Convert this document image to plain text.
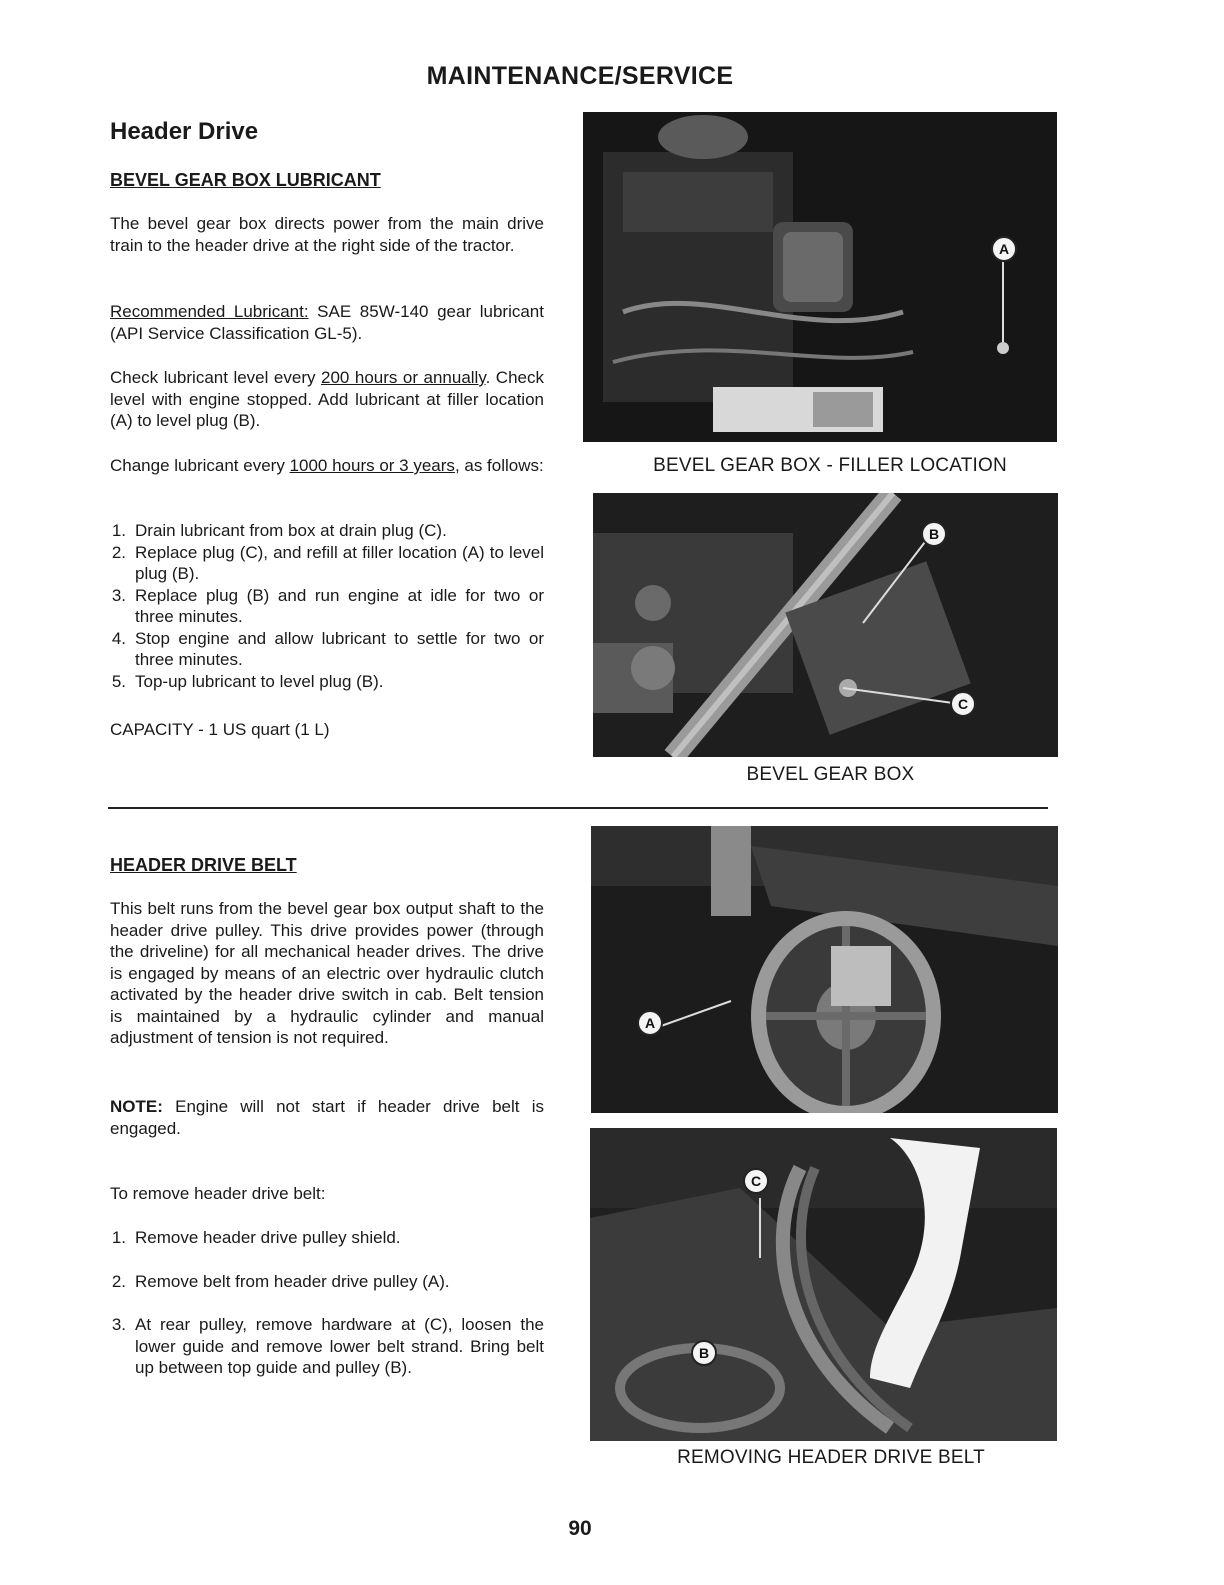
MAINTENANCE/SERVICE
Header Drive
BEVEL GEAR BOX LUBRICANT
The bevel gear box directs power from the main drive train to the header drive at the right side of the tractor.
Recommended Lubricant: SAE 85W-140 gear lubricant (API Service Classification GL-5).
Check lubricant level every 200 hours or annually. Check level with engine stopped. Add lubricant at filler location (A) to level plug (B).
Change lubricant every 1000 hours or 3 years, as follows:
1. Drain lubricant from box at drain plug (C).
2. Replace plug (C), and refill at filler location (A) to level plug (B).
3. Replace plug (B) and run engine at idle for two or three minutes.
4. Stop engine and allow lubricant to settle for two or three minutes.
5. Top-up lubricant to level plug (B).
CAPACITY - 1 US quart (1 L)
A
BEVEL GEAR BOX - FILLER LOCATION
B
C
BEVEL GEAR BOX
HEADER DRIVE BELT
This belt runs from the bevel gear box output shaft to the header drive pulley. This drive provides power (through the driveline) for all mechanical header drives. The drive is engaged by means of an electric over hydraulic clutch activated by the header drive switch in cab. Belt tension is maintained by a hydraulic cylinder and manual adjustment of tension is not required.
NOTE: Engine will not start if header drive belt is engaged.
To remove header drive belt:
1. Remove header drive pulley shield.
2. Remove belt from header drive pulley (A).
3. At rear pulley, remove hardware at (C), loosen the lower guide and remove lower belt strand. Bring belt up between top guide and pulley (B).
A
C
B
REMOVING HEADER DRIVE BELT
90
